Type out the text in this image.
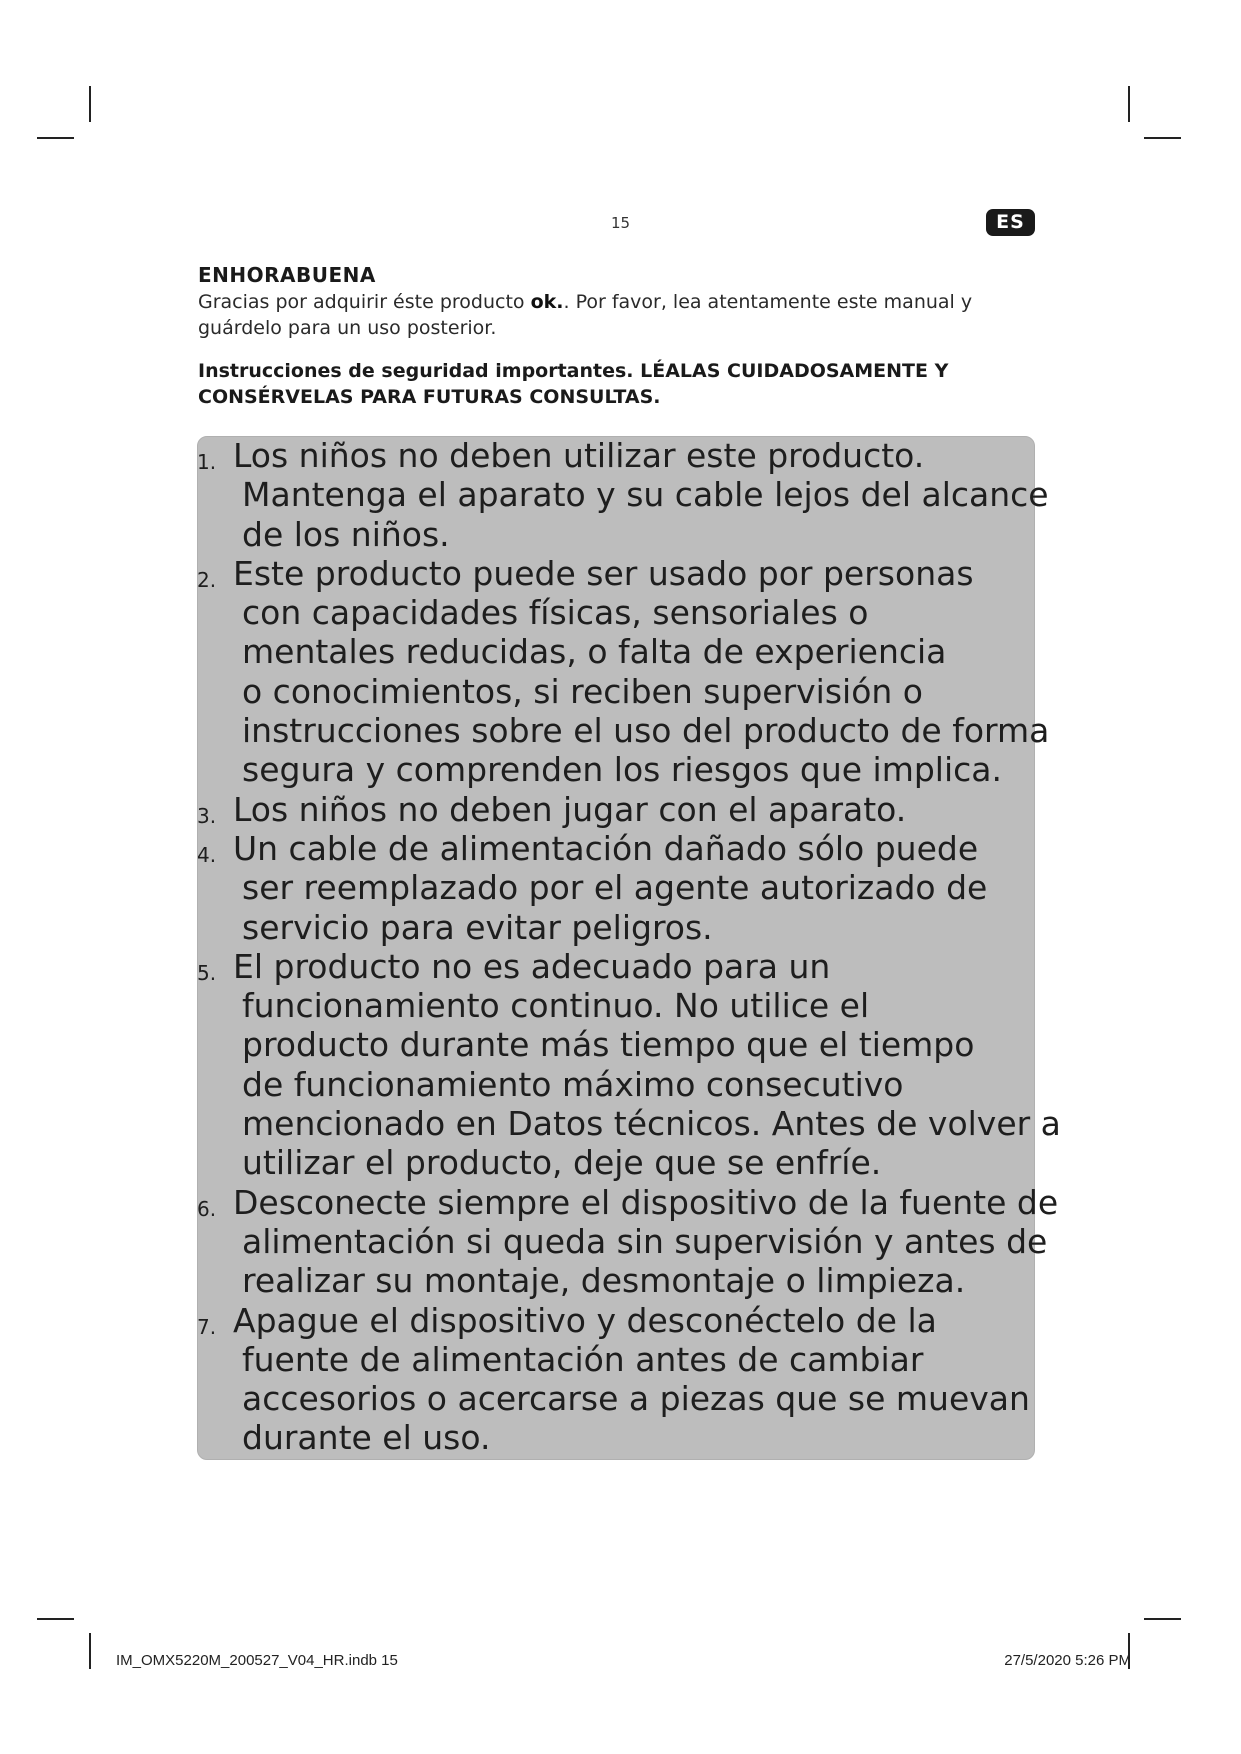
15	ES
ENHORABUENA
Gracias por adquirir éste producto ok.. Por favor, lea atentamente este manual y guárdelo para un uso posterior.
Instrucciones de seguridad importantes. LÉALAS CUIDADOSAMENTE Y CONSÉRVELAS PARA FUTURAS CONSULTAS.
1. Los niños no deben utilizar este producto.
Mantenga el aparato y su cable lejos del alcance
de los niños.
2. Este producto puede ser usado por personas
con capacidades físicas, sensoriales o
mentales reducidas, o falta de experiencia
o conocimientos, si reciben supervisión o
instrucciones sobre el uso del producto de forma
segura y comprenden los riesgos que implica.
3. Los niños no deben jugar con el aparato.
4. Un cable de alimentación dañado sólo puede
ser reemplazado por el agente autorizado de
servicio para evitar peligros.
5. El producto no es adecuado para un
funcionamiento continuo. No utilice el
producto durante más tiempo que el tiempo
de funcionamiento máximo consecutivo
mencionado en Datos técnicos. Antes de volver a
utilizar el producto, deje que se enfríe.
6. Desconecte siempre el dispositivo de la fuente de
alimentación si queda sin supervisión y antes de
realizar su montaje, desmontaje o limpieza.
7. Apague el dispositivo y desconéctelo de la
fuente de alimentación antes de cambiar
accesorios o acercarse a piezas que se muevan
durante el uso.
IM_OMX5220M_200527_V04_HR.indb 15	27/5/2020 5:26 PM
